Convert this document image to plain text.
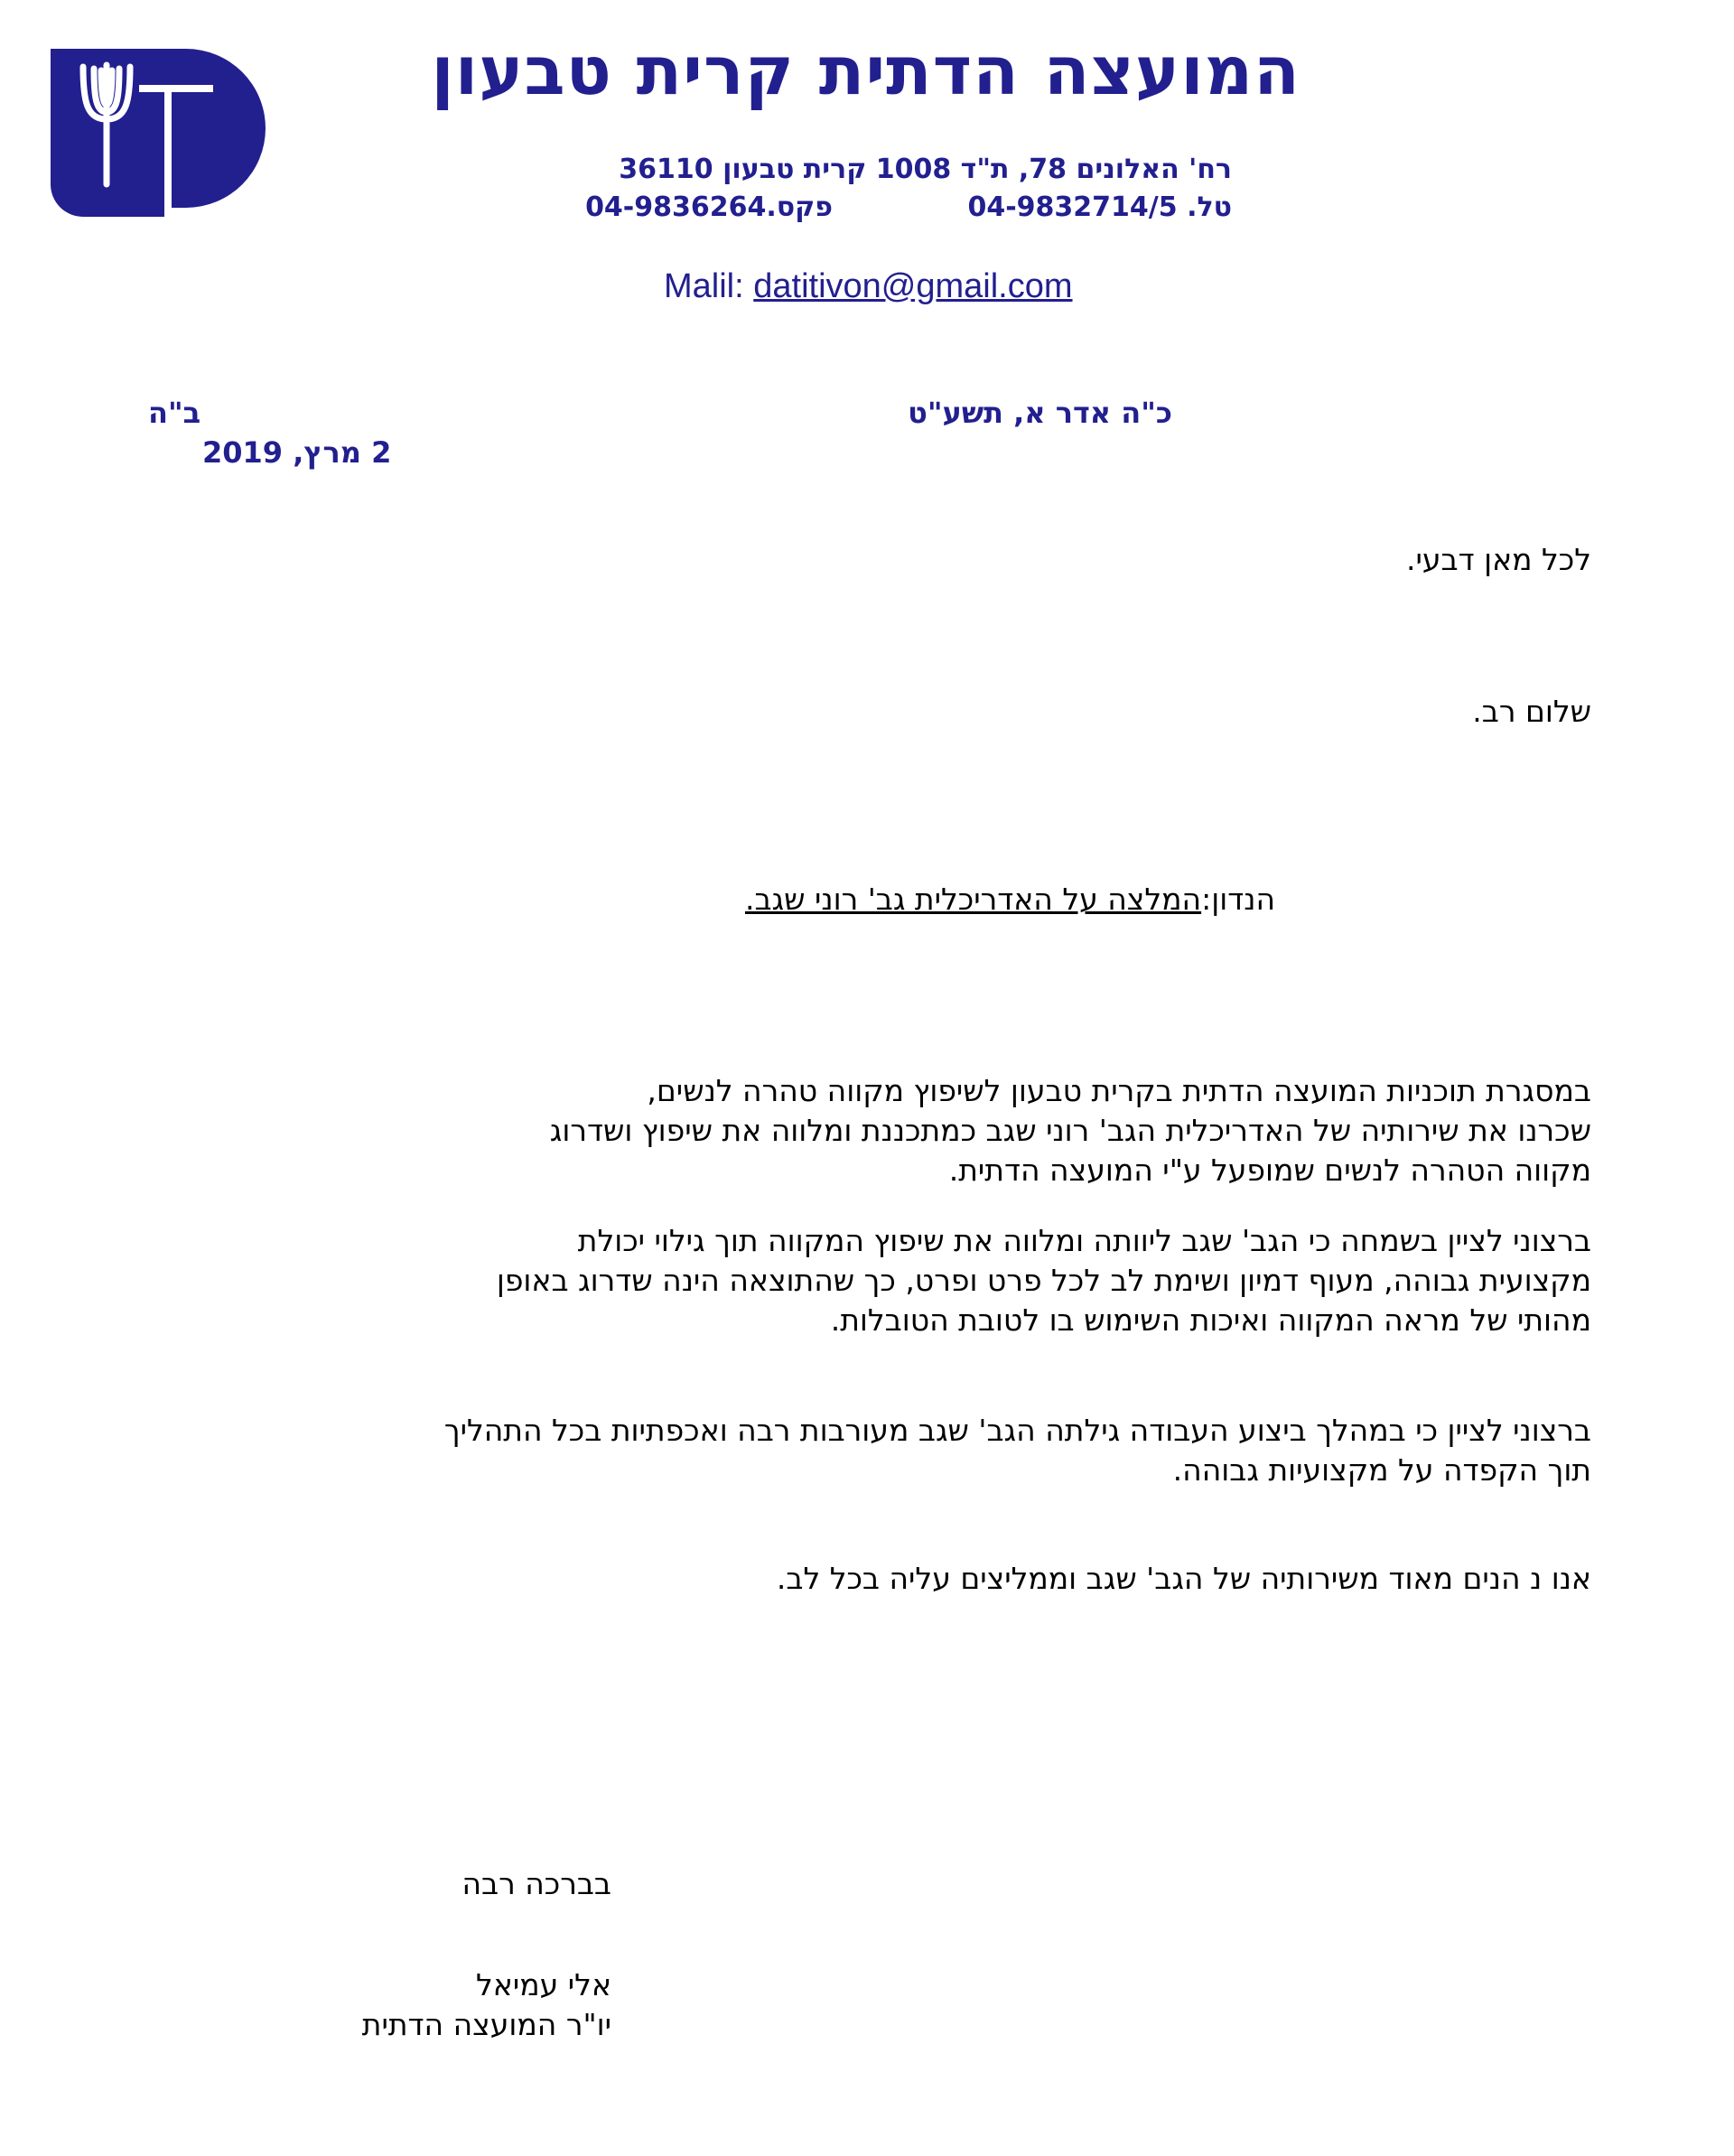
המועצה הדתית קרית טבעון
רח' האלונים 78, ת"ד 1008 קרית טבעון 36110
טל. 04-9832714/5
פקס.04-9836264
Malil: datitivon@gmail.com
ב"ה	כ"ה אדר א, תשע"ט
2 מרץ, 2019
לכל מאן דבעי.
שלום רב.
הנדון:המלצה על האדריכלית גב' רוני שגב.
במסגרת תוכניות המועצה הדתית בקרית טבעון לשיפוץ מקווה טהרה לנשים,
שכרנו את שירותיה של האדריכלית הגב' רוני שגב כמתכננת ומלווה את שיפוץ ושדרוג
מקווה הטהרה לנשים שמופעל ע"י המועצה הדתית.
ברצוני לציין בשמחה כי הגב' שגב ליוותה ומלווה את שיפוץ המקווה תוך גילוי יכולת
מקצועית גבוהה, מעוף דמיון ושימת לב לכל פרט ופרט, כך שהתוצאה הינה שדרוג באופן
מהותי של מראה המקווה ואיכות השימוש בו לטובת הטובלות.
ברצוני לציין כי במהלך ביצוע העבודה גילתה הגב' שגב מעורבות רבה ואכפתיות בכל התהליך
תוך הקפדה על מקצועיות גבוהה.
אנו נ הנים מאוד משירותיה של הגב' שגב וממליצים עליה בכל לב.
בברכה רבה
אלי עמיאל
יו"ר המועצה הדתית
